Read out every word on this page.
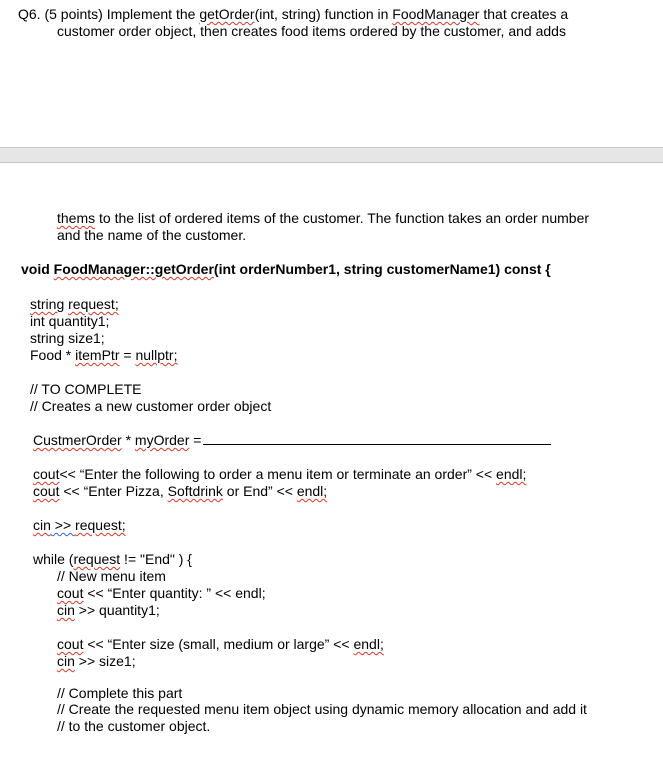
Q6. (5 points) Implement the getOrder(int, string) function in FoodManager that creates a
customer order object, then creates food items ordered by the customer, and adds
thems to the list of ordered items of the customer. The function takes an order number
and the name of the customer.
void FoodManager::getOrder(int orderNumber1, string customerName1) const {
string request;
int quantity1;
string size1;
Food * itemPtr = nullptr;
// TO COMPLETE
// Creates a new customer order object
CustmerOrder * myOrder =
cout<< “Enter the following to order a menu item or terminate an order” << endl;
cout << “Enter Pizza, Softdrink or End” << endl;
cin >> request;
while (request != "End" ) {
// New menu item
cout << “Enter quantity: ” << endl;
cin >> quantity1;
cout << “Enter size (small, medium or large” << endl;
cin >> size1;
// Complete this part
// Create the requested menu item object using dynamic memory allocation and add it
// to the customer object.
